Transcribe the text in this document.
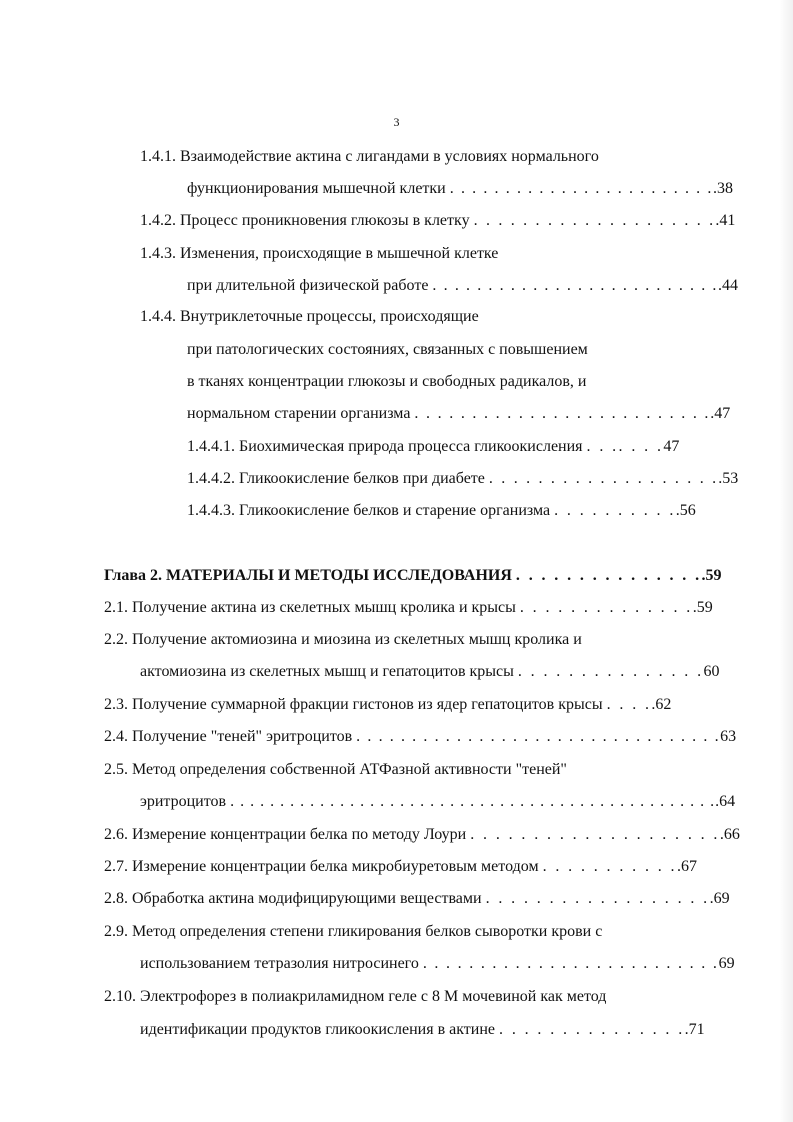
3
1.4.1. Взаимодействие актина с лигандами в условиях нормального
функционирования мышечной клетки . . . . . . . . . . . . . . . . . . . . . . . ..38
1.4.2. Процесс проникновения глюкозы в клетку . . . . . . . . . . . . . . . . . . . ..41
1.4.3. Изменения, происходящие в мышечной клетке
при длительной физической работе . . . . . . . . . . . . . . . . . . . . . . . . . ..44
1.4.4. Внутриклеточные процессы, происходящие
при патологических состояниях, связанных с повышением
в тканях концентрации глюкозы и свободных радикалов, и
нормальном старении организма . . . . . . . . . . . . . . . . . . . . . . . . . ..47
1.4.4.1. Биохимическая природа процесса гликоокисления . . .. . . .47
1.4.4.2. Гликоокисление белков при диабете . . . . . . . . . . . . . . . . . . ..53
1.4.4.3. Гликоокисление белков и старение организма . . . . . . . . . ..56
Глава 2. МАТЕРИАЛЫ И МЕТОДЫ ИССЛЕДОВАНИЯ . . . . . . . . . . . . . . ..59
2.1. Получение актина из скелетных мышц кролика и крысы . . . . . . . . . . . . . ..59
2.2. Получение актомиозина и миозина из скелетных мышц кролика и
актомиозина из скелетных мышц и гепатоцитов крысы . . . . . . . . . . . . . . .60
2.3. Получение суммарной фракции гистонов из ядер гепатоцитов крысы . . . ..62
2.4. Получение "теней" эритроцитов . . . . . . . . . . . . . . . . . . . . . . . . . . . . . . . . .63
2.5. Метод определения собственной АТФазной активности "теней"
эритроцитов . . . . . . . . . . . . . . . . . . . . . . . . . . . . . . . . . . . . . . . . . . . . . . . . ..64
2.6. Измерение концентрации белка по методу Лоури . . . . . . . . . . . . . . . . . . . ..66
2.7. Измерение концентрации белка микробиуретовым методом . . . . . . . . . . ..67
2.8. Обработка актина модифицирующими веществами . . . . . . . . . . . . . . . . . ..69
2.9. Метод определения степени гликирования белков сыворотки крови с
использованием тетразолия нитросинего . . . . . . . . . . . . . . . . . . . . . . . . . .69
2.10. Электрофорез в полиакриламидном геле с 8 М мочевиной как метод
идентификации продуктов гликоокисления в актине . . . . . . . . . . . . . . ..71
